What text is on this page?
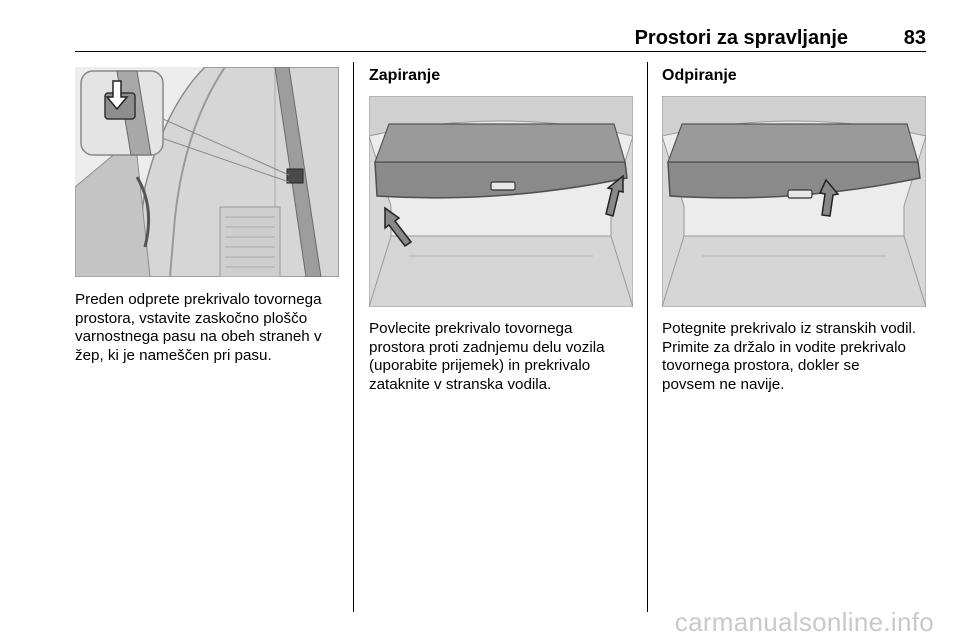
Prostori za spravljanje	83
Preden odprete prekrivalo tovornega
prostora, vstavite zaskočno ploščo
varnostnega pasu na obeh straneh v
žep, ki je nameščen pri pasu.
Zapiranje
Povlecite prekrivalo tovornega
prostora proti zadnjemu delu vozila
(uporabite prijemek) in prekrivalo
zataknite v stranska vodila.
Odpiranje
Potegnite prekrivalo iz stranskih vodil.
Primite za držalo in vodite prekrivalo
tovornega prostora, dokler se
povsem ne navije.
carmanualsonline.info
